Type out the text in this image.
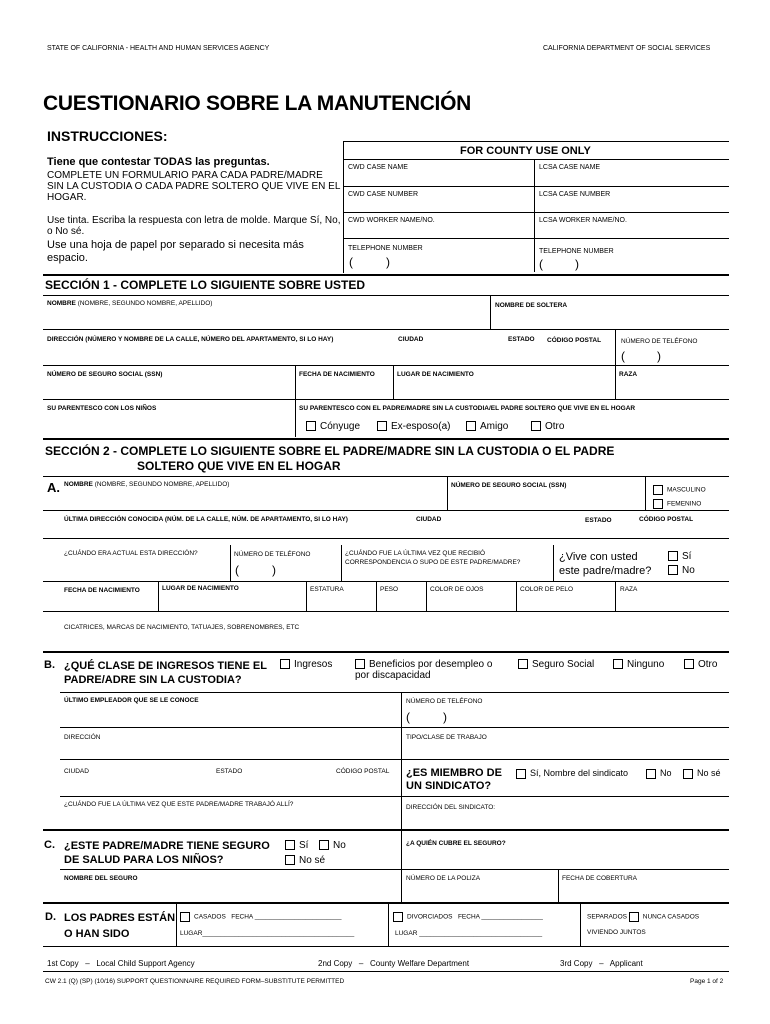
STATE OF CALIFORNIA - HEALTH AND HUMAN SERVICES AGENCY	CALIFORNIA DEPARTMENT OF SOCIAL SERVICES
CUESTIONARIO SOBRE LA MANUTENCIÓN
INSTRUCCIONES:
Tiene que contestar TODAS las preguntas.
COMPLETE UN FORMULARIO PARA CADA PADRE/MADRE SIN LA CUSTODIA O CADA PADRE SOLTERO QUE VIVE EN EL HOGAR.
Use tinta. Escriba la respuesta con letra de molde. Marque Sí, No, o No sé.
Use una hoja de papel por separado si necesita más espacio.
FOR COUNTY USE ONLY
CWD CASE NAME	LCSA CASE NAME
CWD CASE NUMBER	LCSA CASE NUMBER
CWD WORKER NAME/NO.	LCSA WORKER NAME/NO.
TELEPHONE NUMBER	TELEPHONE NUMBER
(	)	(	)
SECCIÓN 1 - COMPLETE LO SIGUIENTE SOBRE USTED
NOMBRE (NOMBRE, SEGUNDO NOMBRE, APELLIDO)	NOMBRE DE SOLTERA
DIRECCIÓN (NÚMERO Y NOMBRE DE LA CALLE, NÚMERO DEL APARTAMENTO, SI LO HAY)	CIUDAD	ESTADO CÓDIGO POSTAL	NÚMERO DE TELÉFONO
(	)
NÚMERO DE SEGURO SOCIAL (SSN)	FECHA DE NACIMIENTO	LUGAR DE NACIMIENTO	RAZA
SU PARENTESCO CON LOS NIÑOS	SU PARENTESCO CON EL PADRE/MADRE SIN LA CUSTODIA/EL PADRE SOLTERO QUE VIVE EN EL HOGAR
Cónyuge	Ex-esposo(a)	Amigo	Otro
SECCIÓN 2 - COMPLETE LO SIGUIENTE SOBRE EL PADRE/MADRE SIN LA CUSTODIA O EL PADRE
SOLTERO QUE VIVE EN EL HOGAR
A. NOMBRE (NOMBRE, SEGUNDO NOMBRE, APELLIDO)	NÚMERO DE SEGURO SOCIAL (SSN)
MASCULINO
FEMENINO
ÚLTIMA DIRECCIÓN CONOCIDA (NÚM. DE LA CALLE, NÚM. DE APARTAMENTO, SI LO HAY)	CIUDAD	ESTADO	CÓDIGO POSTAL
¿CUÁNDO ERA ACTUAL ESTA DIRECCIÓN?	NÚMERO DE TELÉFONO
(	)
¿CUÁNDO FUE LA ÚLTIMA VEZ QUE RECIBIÓ CORRESPONDENCIA O SUPO DE ESTE PADRE/MADRE?	¿Vive con usted este padre/madre?
Sí
No
FECHA DE NACIMIENTO	LUGAR DE NACIMIENTO	ESTATURA	PESO	COLOR DE OJOS	COLOR DE PELO	RAZA
CICATRICES, MARCAS DE NACIMIENTO, TATUAJES, SOBRENOMBRES, ETC
B. ¿QUÉ CLASE DE INGRESOS TIENE EL PADRE/ADRE SIN LA CUSTODIA?
Ingresos	Beneficios por desempleo o por discapacidad
Seguro Social	Ninguno	Otro
ÚLTIMO EMPLEADOR QUE SE LE CONOCE	NÚMERO DE TELÉFONO
(	)
DIRECCIÓN	TIPO/CLASE DE TRABAJO
CIUDAD	ESTADO	CÓDIGO POSTAL ¿ES MIEMBRO DE UN SINDICATO?
Sí, Nombre del sindicato	No	No sé
¿CUÁNDO FUE LA ÚLTIMA VEZ QUE ESTE PADRE/MADRE TRABAJÓ ALLÍ?	DIRECCIÓN DEL SINDICATO:
C. ¿ESTE PADRE/MADRE TIENE SEGURO DE SALUD PARA LOS NIÑOS?
Sí	No
No sé
¿A QUIÉN CUBRE EL SEGURO?
NOMBRE DEL SEGURO	NÚMERO DE LA POLIZA	FECHA DE COBERTURA
D. LOS PADRES ESTÁN O HAN SIDO
CASADOS FECHA ________________________
LUGAR__________________________________________
DIVORCIADOS FECHA _________________
LUGAR __________________________________
SEPARADOS NUNCA CASADOS
VIVIENDO JUNTOS
1st Copy   –   Local Child Support Agency	2nd Copy   –   County Welfare Department	3rd Copy   –   Applicant
CW 2.1 (Q) (SP) (10/16) SUPPORT QUESTIONNAIRE REQUIRED FORM–SUBSTITUTE PERMITTED	Page 1 of 2
